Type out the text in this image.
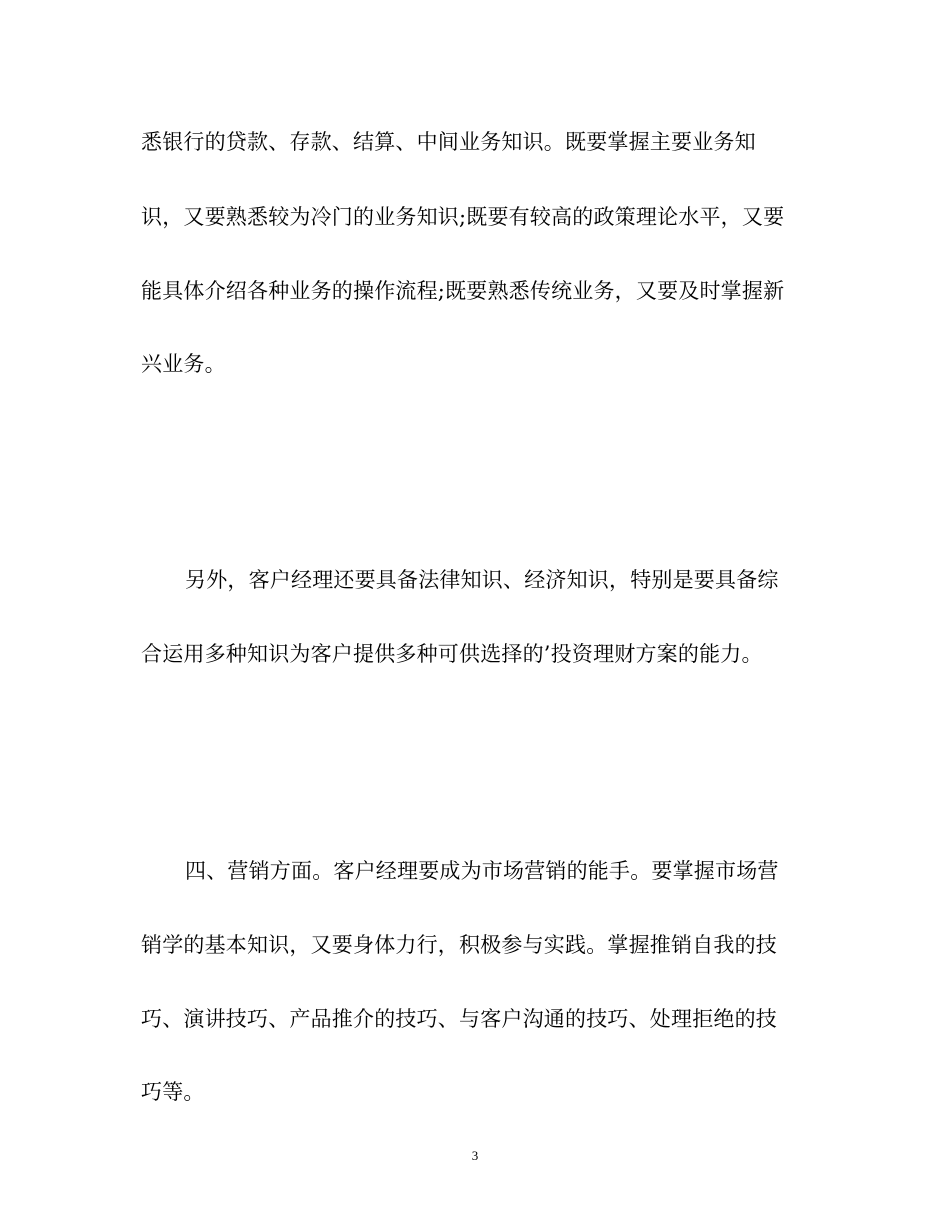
悉银行的贷款、存款、结算、中间业务知识。既要掌握主要业务知
识，又要熟悉较为冷门的业务知识;既要有较高的政策理论水平，又要
能具体介绍各种业务的操作流程;既要熟悉传统业务，又要及时掌握新
兴业务。
另外，客户经理还要具备法律知识、经济知识，特别是要具备综
合运用多种知识为客户提供多种可供选择的’投资理财方案的能力。
四、营销方面。客户经理要成为市场营销的能手。要掌握市场营
销学的基本知识，又要身体力行，积极参与实践。掌握推销自我的技
巧、演讲技巧、产品推介的技巧、与客户沟通的技巧、处理拒绝的技
巧等。
3
